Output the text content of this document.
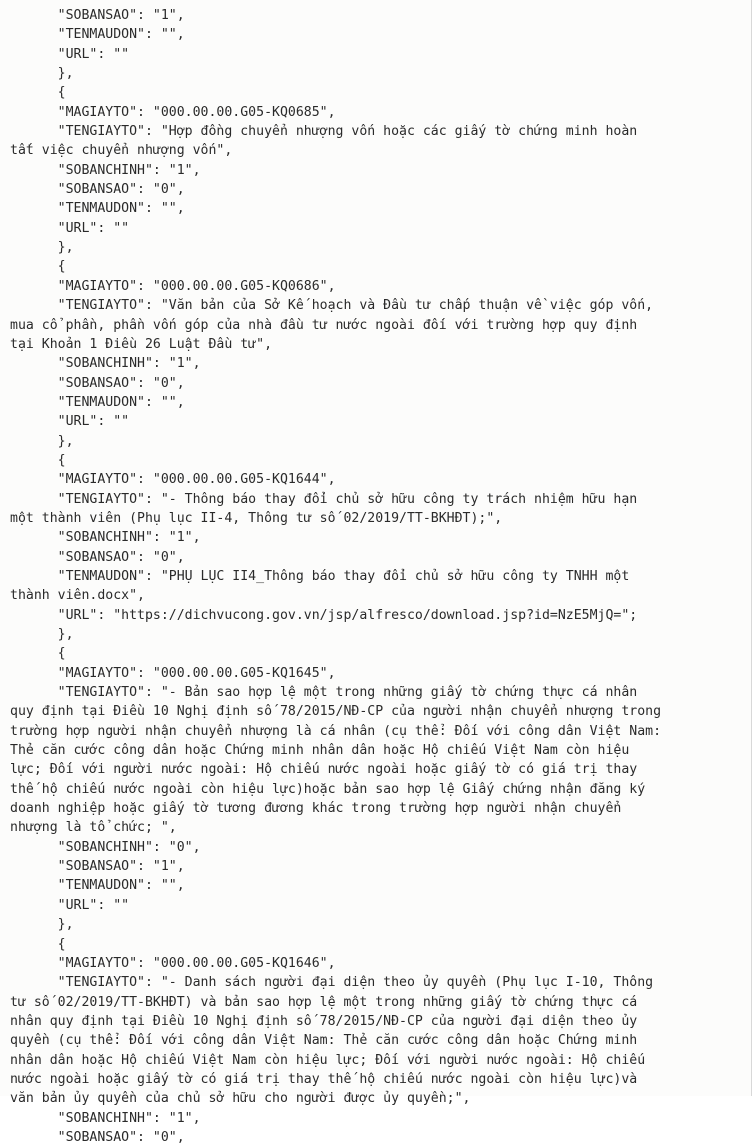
"SOBANSAO": "1",
"TENMAUDON": "",
"URL": ""
},
{
"MAGIAYTO": "000.00.00.G05-KQ0685",
"TENGIAYTO": "Hợp đồng chuyển nhượng vốn hoặc các giấy tờ chứng minh hoàn
tất việc chuyển nhượng vốn",
"SOBANCHINH": "1",
"SOBANSAO": "0",
"TENMAUDON": "",
"URL": ""
},
{
"MAGIAYTO": "000.00.00.G05-KQ0686",
"TENGIAYTO": "Văn bản của Sở Kế hoạch và Đầu tư chấp thuận về việc góp vốn,
mua cổ phần, phần vốn góp của nhà đầu tư nước ngoài đối với trường hợp quy định
tại Khoản 1 Điều 26 Luật Đầu tư",
"SOBANCHINH": "1",
"SOBANSAO": "0",
"TENMAUDON": "",
"URL": ""
},
{
"MAGIAYTO": "000.00.00.G05-KQ1644",
"TENGIAYTO": "- Thông báo thay đổi chủ sở hữu công ty trách nhiệm hữu hạn
một thành viên (Phụ lục II-4, Thông tư số 02/2019/TT-BKHĐT);",
"SOBANCHINH": "1",
"SOBANSAO": "0",
"TENMAUDON": "PHỤ LỤC II4_Thông báo thay đổi chủ sở hữu công ty TNHH một
thành viên.docx",
"URL": "https://dichvucong.gov.vn/jsp/alfresco/download.jsp?id=NzE5MjQ=";
},
{
"MAGIAYTO": "000.00.00.G05-KQ1645",
"TENGIAYTO": "- Bản sao hợp lệ một trong những giấy tờ chứng thực cá nhân
quy định tại Điều 10 Nghị định số 78/2015/NĐ-CP của người nhận chuyển nhượng trong
trường hợp người nhận chuyển nhượng là cá nhân (cụ thể: Đối với công dân Việt Nam:
Thẻ căn cước công dân hoặc Chứng minh nhân dân hoặc Hộ chiếu Việt Nam còn hiệu
lực; Đối với người nước ngoài: Hộ chiếu nước ngoài hoặc giấy tờ có giá trị thay
thế hộ chiếu nước ngoài còn hiệu lực)hoặc bản sao hợp lệ Giấy chứng nhận đăng ký
doanh nghiệp hoặc giấy tờ tương đương khác trong trường hợp người nhận chuyển
nhượng là tổ chức; ",
"SOBANCHINH": "0",
"SOBANSAO": "1",
"TENMAUDON": "",
"URL": ""
},
{
"MAGIAYTO": "000.00.00.G05-KQ1646",
"TENGIAYTO": "- Danh sách người đại diện theo ủy quyền (Phụ lục I-10, Thông
tư số 02/2019/TT-BKHĐT) và bản sao hợp lệ một trong những giấy tờ chứng thực cá
nhân quy định tại Điều 10 Nghị định số 78/2015/NĐ-CP của người đại diện theo ủy
quyền (cụ thể: Đối với công dân Việt Nam: Thẻ căn cước công dân hoặc Chứng minh
nhân dân hoặc Hộ chiếu Việt Nam còn hiệu lực; Đối với người nước ngoài: Hộ chiếu
nước ngoài hoặc giấy tờ có giá trị thay thế hộ chiếu nước ngoài còn hiệu lực)và
văn bản ủy quyền của chủ sở hữu cho người được ủy quyền;",
"SOBANCHINH": "1",
"SOBANSAO": "0",
